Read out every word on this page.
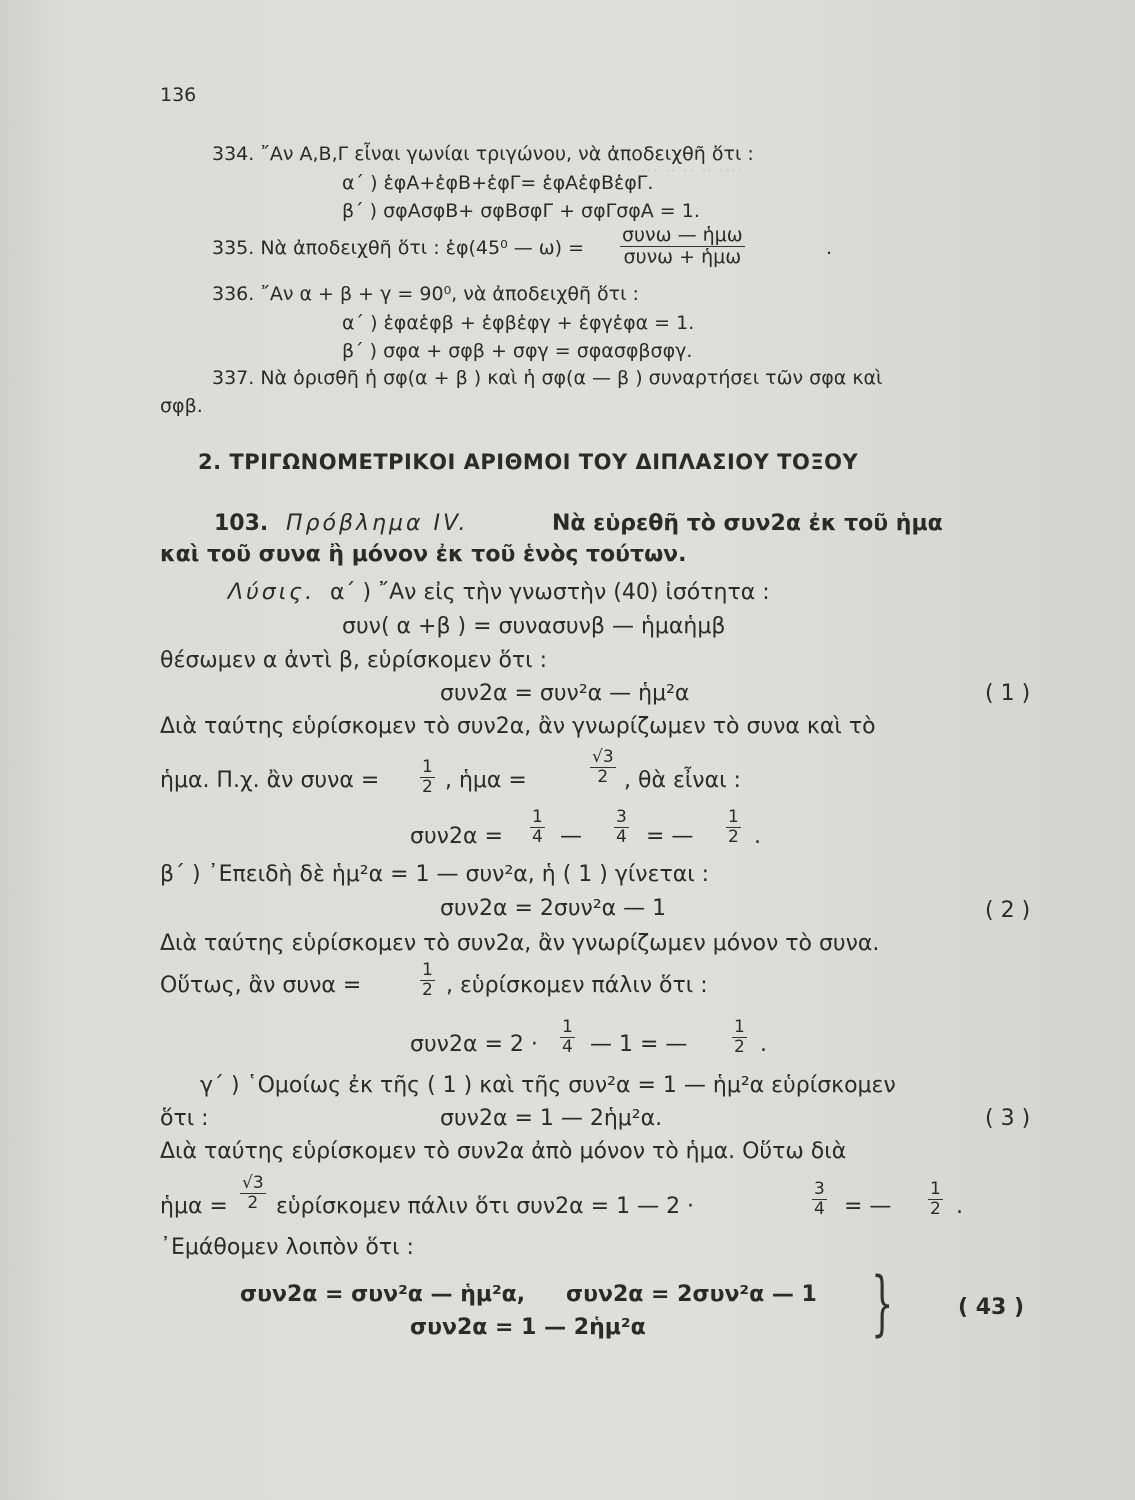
··· ·· ·· ·· ····
136
334. ῎Αν Α,Β,Γ εἶναι γωνίαι τριγώνου, νὰ ἀποδειχθῆ ὅτι :
α΄ ) ἑφΑ+ἑφΒ+ἑφΓ= ἑφΑἑφΒἑφΓ.
β΄ ) σφΑσφΒ+ σφΒσφΓ + σφΓσφΑ = 1.
335. Νὰ ἀποδειχθῆ ὅτι : ἑφ(45⁰ — ω) =
συνω — ἡμω
συνω + ἡμω	.
336. ῎Αν α + β + γ = 90⁰, νὰ ἀποδειχθῆ ὅτι :
α΄ ) ἑφαἑφβ + ἑφβἑφγ + ἑφγἑφα = 1.
β΄ ) σφα + σφβ + σφγ = σφασφβσφγ.
337. Νὰ ὁρισθῆ ἡ σφ(α + β ) καὶ ἡ σφ(α — β ) συναρτήσει τῶν σφα καὶ
σφβ.
2. ΤΡΙΓΩΝΟΜΕΤΡΙΚΟΙ ΑΡΙΘΜΟΙ ΤΟΥ ΔΙΠΛΑΣΙΟΥ ΤΟΞΟΥ
103. Πρόβλημα IV.	Νὰ εὑρεθῆ τὸ συν2α ἐκ τοῦ ἡμα
καὶ τοῦ συνα ἢ μόνον ἐκ τοῦ ἑνὸς τούτων.
Λύσις. α΄ ) ῎Αν εἰς τὴν γνωστὴν (40) ἰσότητα :
συν( α +β ) = συνασυνβ — ἡμαἡμβ
θέσωμεν α ἀντὶ β, εὑρίσκομεν ὅτι :
συν2α = συν²α — ἡμ²α	( 1 )
Διὰ ταύτης εὑρίσκομεν τὸ συν2α, ἂν γνωρίζωμεν τὸ συνα καὶ τὸ
ἡμα. Π.χ. ἂν $\sigma\upsilon\nu\alpha = \frac{1}{2}$ , ἡμα =	$\frac{√3}{2}$ , θὰ εἶναι :
$\sigma\upsilon\nu 2\alpha = \frac{1}{4}$ — $\frac{3}{4}$ = — $\frac{1}{2}$ .
β΄ ) ᾿Επειδὴ δὲ ἡμ²α = 1 — συν²α, ἡ ( 1 ) γίνεται :
συν2α = 2συν²α — 1	( 2 )
Διὰ ταύτης εὑρίσκομεν τὸ συν2α, ἂν γνωρίζωμεν μόνον τὸ συνα.
Οὕτως, ἂν συνα =	$\frac{1}{2}$ , εὑρίσκομεν πάλιν ὅτι :
$\sigma\upsilon\nu 2\alpha = 2 \cdot \frac{1}{4}$ — 1 = —	$\frac{1}{2}$ .
γ΄ ) ῾Ομοίως ἐκ τῆς ( 1 ) καὶ τῆς συν²α = 1 — ἡμ²α εὑρίσκομεν
ὅτι :	συν2α = 1 — 2ἡμ²α.	( 3 )
Διὰ ταύτης εὑρίσκομεν τὸ συν2α ἀπὸ μόνον τὸ ἡμα. Οὕτω διὰ
ἡμα = $\frac{√3}{2}$ εὑρίσκομεν πάλιν ὅτι συν2α = 1 — 2 ·	$\frac{3}{4}$ = — $\frac{1}{2}$ .
᾿Εμάθομεν λοιπὸν ὅτι :
συν2α = συν²α — ἡμ²α, συν2α = 2συν²α — 1
συν2α = 1 — 2ἡμ²α	}	( 43 )
